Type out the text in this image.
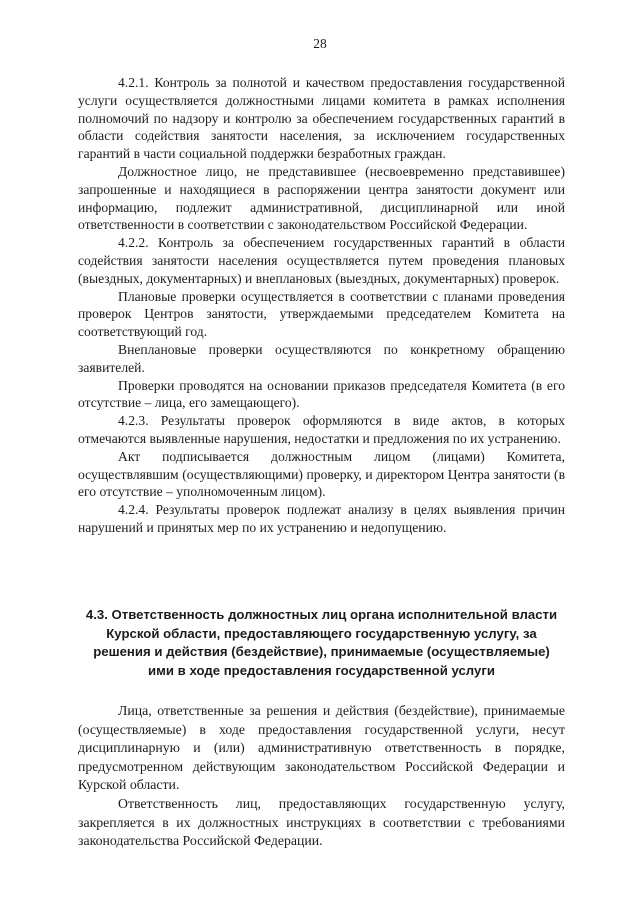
28

4.2.1. Контроль за полнотой и качеством предоставления государственной услуги осуществляется должностными лицами комитета в рамках исполнения полномочий по надзору и контролю за обеспечением государственных гарантий в области содействия занятости населения, за исключением государственных гарантий в части социальной поддержки безработных граждан.

Должностное лицо, не представившее (несвоевременно представившее) запрошенные и находящиеся в распоряжении центра занятости документ или информацию, подлежит административной, дисциплинарной или иной ответственности в соответствии с законодательством Российской Федерации.

4.2.2. Контроль за обеспечением государственных гарантий в области содействия занятости населения осуществляется путем проведения плановых (выездных, документарных) и внеплановых (выездных, документарных) проверок.

Плановые проверки осуществляется в соответствии с планами проведения проверок Центров занятости, утверждаемыми председателем Комитета на соответствующий год.

Внеплановые проверки осуществляются по конкретному обращению заявителей.

Проверки проводятся на основании приказов председателя Комитета (в его отсутствие – лица, его замещающего).

4.2.3. Результаты проверок оформляются в виде актов, в которых отмечаются выявленные нарушения, недостатки и предложения по их устранению.

Акт подписывается должностным лицом (лицами) Комитета, осуществлявшим (осуществляющими) проверку, и директором Центра занятости (в его отсутствие – уполномоченным лицом).

4.2.4. Результаты проверок подлежат анализу в целях выявления причин нарушений и принятых мер по их устранению и недопущению.

4.3. Ответственность должностных лиц органа исполнительной власти
Курской области, предоставляющего государственную услугу, за
решения и действия (бездействие), принимаемые (осуществляемые)
ими в ходе предоставления государственной услуги

Лица, ответственные за решения и действия (бездействие), принимаемые (осуществляемые) в ходе предоставления государственной услуги, несут дисциплинарную и (или) административную ответственность в порядке, предусмотренном действующим законодательством Российской Федерации и Курской области.

Ответственность лиц, предоставляющих государственную услугу, закрепляется в их должностных инструкциях в соответствии с требованиями законодательства Российской Федерации.
